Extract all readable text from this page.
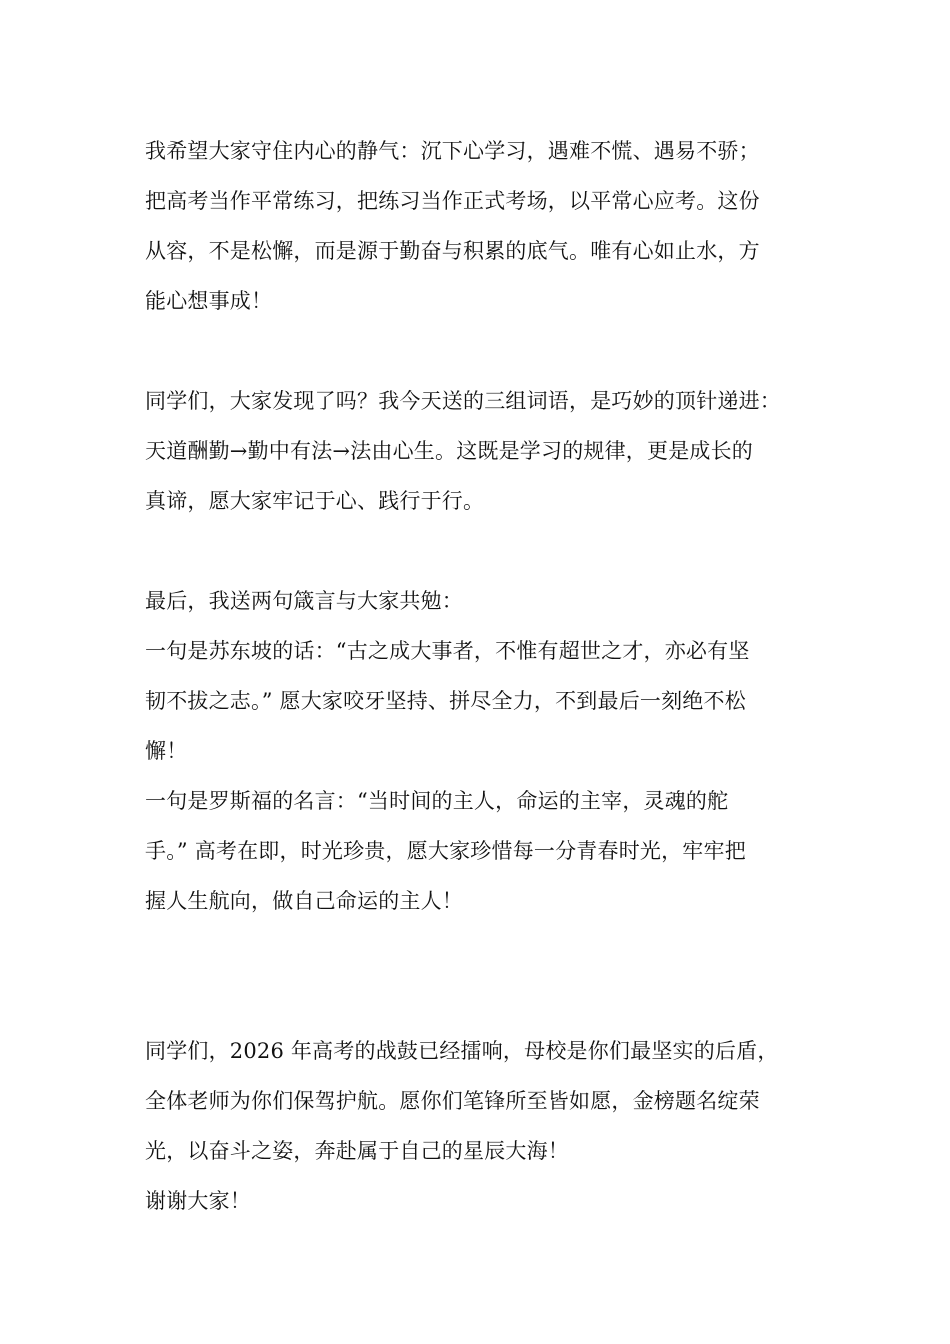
我希望大家守住内心的静气：沉下心学习，遇难不慌、遇易不骄；
把高考当作平常练习，把练习当作正式考场，以平常心应考。这份
从容，不是松懈，而是源于勤奋与积累的底气。唯有心如止水，方
能心想事成！
同学们，大家发现了吗？我今天送的三组词语，是巧妙的顶针递进：
天道酬勤→勤中有法→法由心生。这既是学习的规律，更是成长的
真谛，愿大家牢记于心、践行于行。
最后，我送两句箴言与大家共勉：
一句是苏东坡的话：“古之成大事者，不惟有超世之才，亦必有坚
韧不拔之志。” 愿大家咬牙坚持、拼尽全力，不到最后一刻绝不松
懈！
一句是罗斯福的名言：“当时间的主人，命运的主宰，灵魂的舵
手。” 高考在即，时光珍贵，愿大家珍惜每一分青春时光，牢牢把
握人生航向，做自己命运的主人！
同学们，2026 年高考的战鼓已经擂响，母校是你们最坚实的后盾，
全体老师为你们保驾护航。愿你们笔锋所至皆如愿，金榜题名绽荣
光，以奋斗之姿，奔赴属于自己的星辰大海！
谢谢大家！
